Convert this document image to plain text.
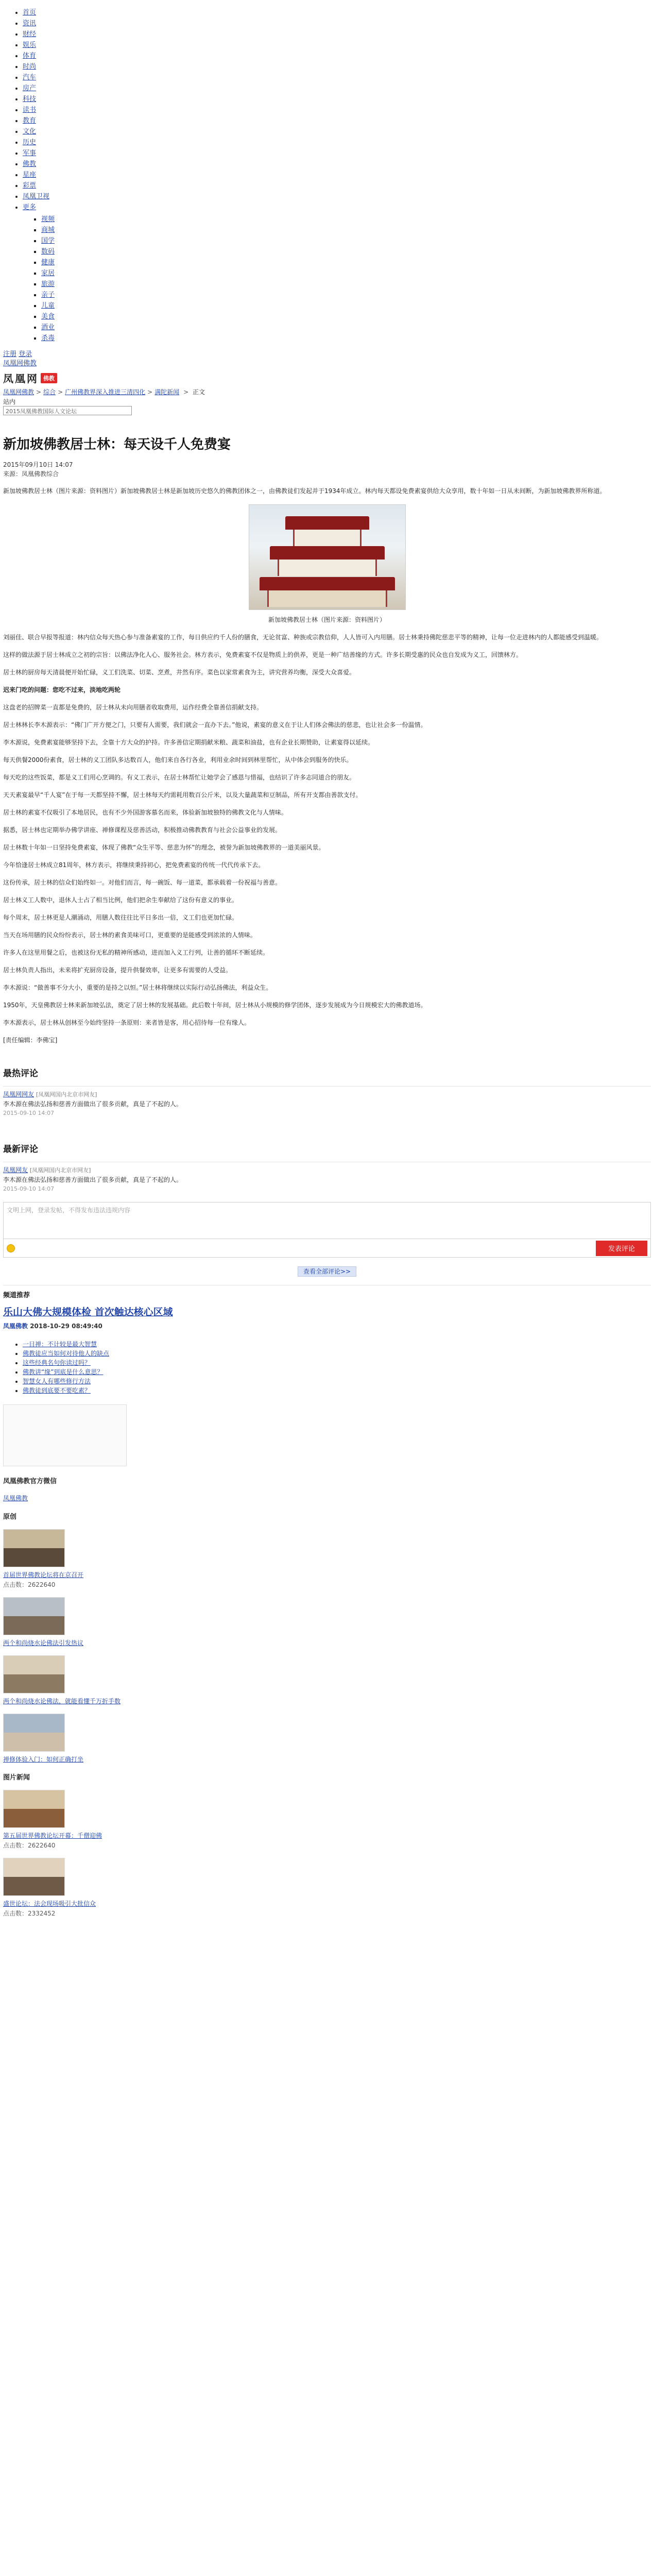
• 首页
• 资讯
• 财经
• 娱乐
• 体育
• 时尚
• 汽车
• 房产
• 科技
• 读书
• 教育
• 文化
• 历史
• 军事
• 佛教
• 星座
• 彩票
• 凤凰卫视
• 更多
▪ 视频
▪ 商城
▪ 国学
▪ 数码
▪ 健康
▪ 家居
▪ 旅游
▪ 亲子
▪ 儿童
▪ 美食
▪ 酒业
▪ 杀毒
注册 登录
凤凰网佛教
凤凰网 佛教
凤凰网佛教 > 综合 > 广州佛教界深入推进三清四化 > 满陀新闻 > 正文
站内
2015凤凰佛教国际人文论坛
新加坡佛教居士林：每天设千人免费宴
2015年09月10日 14:07
来源：凤凰佛教综合
新加坡佛教居士林（图片来源：资料图片）新加坡佛教居士林是新加坡历史悠久的佛教团体之一，由佛教徒们发起并于1934年成立。林内每天都设免费素宴供给大众享用，数十年如一日从未间断，为新加坡佛教界所称道。
新加坡佛教居士林（图片来源：资料图片）
刘丽佳、联合早报等报道：林内信众每天热心参与准备素宴的工作，每日供应约千人份的膳食，无论贫富、种族或宗教信仰，人人皆可入内用膳。居士林秉持佛陀慈悲平等的精神，让每一位走进林内的人都能感受到温暖。
这样的做法源于居士林成立之初的宗旨：以佛法净化人心、服务社会。林方表示，免费素宴不仅是物质上的供养，更是一种广结善缘的方式。许多长期受惠的民众也自发成为义工，回馈林方。
居士林的厨房每天清晨便开始忙碌，义工们洗菜、切菜、烹煮，井然有序。菜色以家常素食为主，讲究营养均衡，深受大众喜爱。
迟来门吃的问题：您吃不过来，淡地吃两轮
这盘老的招牌菜一直都是免费的，居士林从未向用膳者收取费用，运作经费全靠善信捐献支持。
居士林林长李木源表示：“佛门广开方便之门，只要有人需要，我们就会一直办下去。”他说，素宴的意义在于让人们体会佛法的慈悲，也让社会多一份温情。
李木源说，免费素宴能够坚持下去，全靠十方大众的护持。许多善信定期捐献米粮、蔬菜和油盐，也有企业长期赞助，让素宴得以延续。
每天供餐2000份素食，居士林的义工团队多达数百人，他们来自各行各业，利用业余时间到林里帮忙，从中体会到服务的快乐。
每天吃的这些饭菜，都是义工们用心烹调的。有义工表示，在居士林帮忙让她学会了感恩与惜福，也结识了许多志同道合的朋友。
天天素宴最早“千人宴”在于每一天都坚持不懈，居士林每天约需耗用数百公斤米，以及大量蔬菜和豆制品，所有开支都由善款支付。
居士林的素宴不仅吸引了本地居民，也有不少外国游客慕名而来，体验新加坡独特的佛教文化与人情味。
据悉，居士林也定期举办佛学讲座、禅修课程及慈善活动，积极推动佛教教育与社会公益事业的发展。
居士林数十年如一日坚持免费素宴，体现了佛教“众生平等、慈悲为怀”的理念，被誉为新加坡佛教界的一道美丽风景。
今年恰逢居士林成立81周年，林方表示，将继续秉持初心，把免费素宴的传统一代代传承下去。
这份传承，居士林的信众们始终如一。对他们而言，每一碗饭、每一道菜，都承载着一份祝福与善意。
居士林义工人数中，退休人士占了相当比例，他们把余生奉献给了这份有意义的事业。
每个周末，居士林更是人潮涌动，用膳人数往往比平日多出一倍，义工们也更加忙碌。
当天在场用膳的民众纷纷表示，居士林的素食美味可口，更重要的是能感受到浓浓的人情味。
许多人在这里用餐之后，也被这份无私的精神所感动，进而加入义工行列，让善的循环不断延续。
居士林负责人指出，未来将扩充厨房设备，提升供餐效率，让更多有需要的人受益。
李木源说：“做善事不分大小，重要的是持之以恒。”居士林将继续以实际行动弘扬佛法，利益众生。
1950年，天皇佛教居士林来新加坡弘法，奠定了居士林的发展基础。此后数十年间，居士林从小规模的修学团体，逐步发展成为今日规模宏大的佛教道场。
李木源表示，居士林从创林至今始终坚持一条原则：来者皆是客，用心招待每一位有缘人。
[责任编辑：李佛宝]
最热评论
凤凰网网友 [凤凰网国内北京市网友]
李木源在佛法弘扬和慈善方面做出了很多贡献，真是了不起的人。
2015-09-10 14:07
最新评论
凤凰网友 [凤凰网国内北京市网友]
李木源在佛法弘扬和慈善方面做出了很多贡献，真是了不起的人。
2015-09-10 14:07
文明上网，登录发帖，不得发布违法违规内容
发表评论
查看全部评论>>
频道推荐
乐山大佛大规模体检 首次触达核心区域
凤凰佛教 2018-10-29 08:49:40
• 一日禅：不计较是最大智慧
• 佛教徒应当如何对待他人的缺点
• 这些经典名句你读过吗？
• 佛教讲“缘”到底是什么意思？
• 智慧女人有哪些修行方法
• 佛教徒到底要不要吃素？
凤凰佛教官方微信
凤凰佛教
原创
首届世界佛教论坛将在京召开
点击数：2622640
两个和尚烧水论佛法引发热议
两个和尚烧水论佛法，就能看懂千万折手数
禅修体验入门：如何正确打坐
图片新闻
第五届世界佛教论坛开幕：千僧迎佛
点击数：2622640
盛世论坛：法会现场吸引大批信众
点击数：2332452
